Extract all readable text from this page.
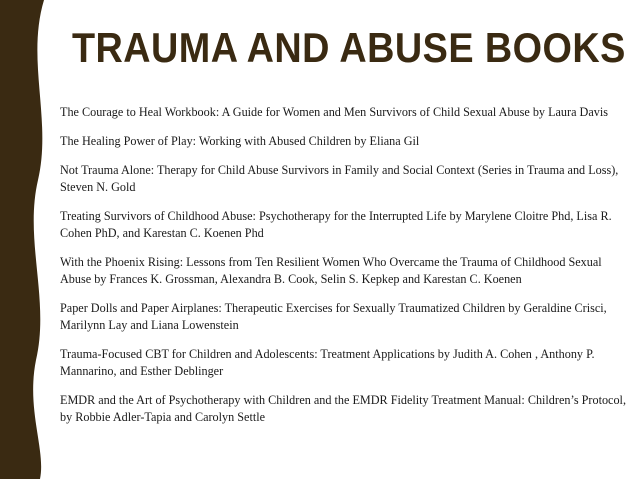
TRAUMA AND ABUSE BOOKS
The Courage to Heal Workbook: A Guide for Women and Men Survivors of Child Sexual Abuse by Laura Davis
The Healing Power of Play: Working with Abused Children by Eliana Gil
Not Trauma Alone: Therapy for Child Abuse Survivors in Family and Social Context (Series in Trauma and Loss), Steven N. Gold
Treating Survivors of Childhood Abuse: Psychotherapy for the Interrupted Life by Marylene Cloitre Phd, Lisa R. Cohen PhD, and Karestan C. Koenen Phd
With the Phoenix Rising: Lessons from Ten Resilient Women Who Overcame the Trauma of Childhood Sexual Abuse by Frances K. Grossman, Alexandra B. Cook, Selin S. Kepkep and Karestan C. Koenen
Paper Dolls and Paper Airplanes: Therapeutic Exercises for Sexually Traumatized Children by Geraldine Crisci, Marilynn Lay and Liana Lowenstein
Trauma-Focused CBT for Children and Adolescents: Treatment Applications by Judith A. Cohen , Anthony P. Mannarino, and Esther Deblinger
EMDR and the Art of Psychotherapy with Children and the EMDR Fidelity Treatment Manual: Children’s Protocol, by Robbie Adler-Tapia and Carolyn Settle
